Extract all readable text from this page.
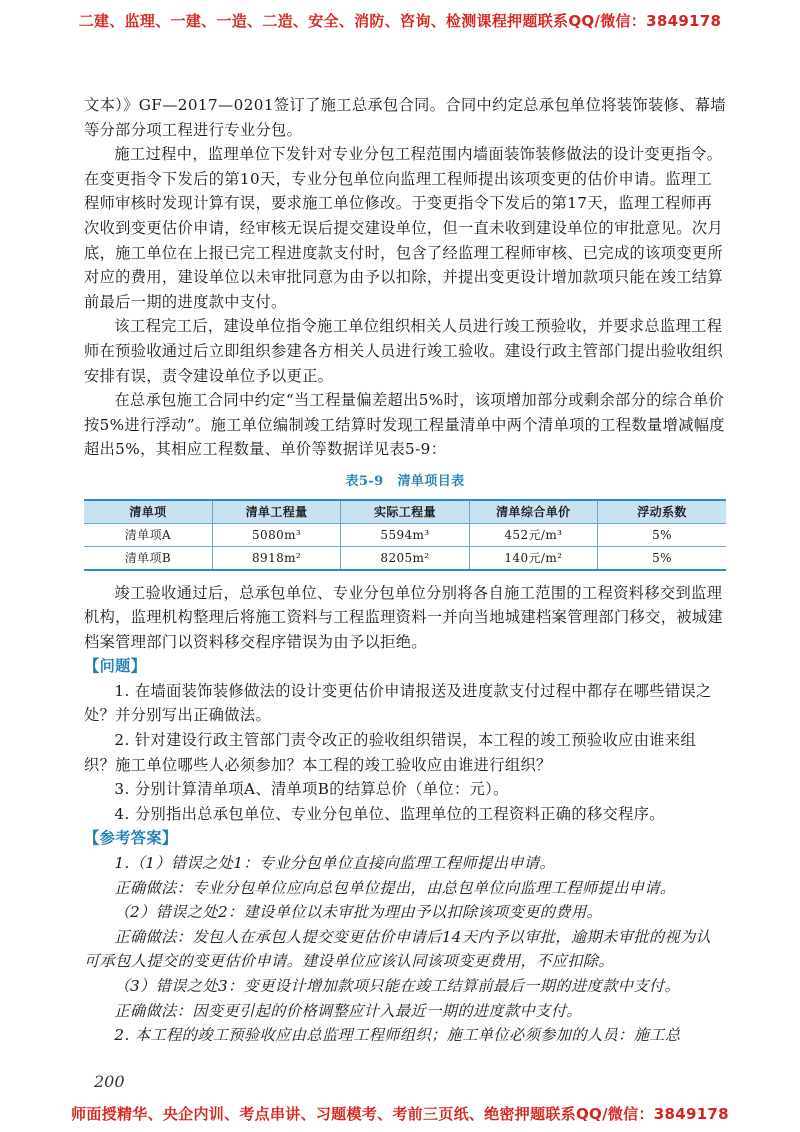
二建、监理、一建、一造、二造、安全、消防、咨询、检测课程押题联系QQ/微信：3849178

文本）》GF—2017—0201签订了施工总承包合同。合同中约定总承包单位将装饰装修、幕墙等分部分项工程进行专业分包。

施工过程中，监理单位下发针对专业分包工程范围内墙面装饰装修做法的设计变更指令。在变更指令下发后的第10天，专业分包单位向监理工程师提出该项变更的估价申请。监理工程师审核时发现计算有误，要求施工单位修改。于变更指令下发后的第17天，监理工程师再次收到变更估价申请，经审核无误后提交建设单位，但一直未收到建设单位的审批意见。次月底，施工单位在上报已完工程进度款支付时，包含了经监理工程师审核、已完成的该项变更所对应的费用，建设单位以未审批同意为由予以扣除，并提出变更设计增加款项只能在竣工结算前最后一期的进度款中支付。

该工程完工后，建设单位指令施工单位组织相关人员进行竣工预验收，并要求总监理工程师在预验收通过后立即组织参建各方相关人员进行竣工验收。建设行政主管部门提出验收组织安排有误，责令建设单位予以更正。

在总承包施工合同中约定“当工程量偏差超出5%时，该项增加部分或剩余部分的综合单价按5%进行浮动”。施工单位编制竣工结算时发现工程量清单中两个清单项的工程数量增减幅度超出5%，其相应工程数量、单价等数据详见表5-9：

表5-9 清单项目表
清单项	清单工程量	实际工程量	清单综合单价	浮动系数
清单项A	5080m³	5594m³	452元/m³	5%
清单项B	8918m²	8205m²	140元/m²	5%

竣工验收通过后，总承包单位、专业分包单位分别将各自施工范围的工程资料移交到监理机构，监理机构整理后将施工资料与工程监理资料一并向当地城建档案管理部门移交，被城建档案管理部门以资料移交程序错误为由予以拒绝。

【问题】

1. 在墙面装饰装修做法的设计变更估价申请报送及进度款支付过程中都存在哪些错误之处？并分别写出正确做法。

2. 针对建设行政主管部门责令改正的验收组织错误，本工程的竣工预验收应由谁来组织？施工单位哪些人必须参加？本工程的竣工验收应由谁进行组织？

3. 分别计算清单项A、清单项B的结算总价（单位：元）。

4. 分别指出总承包单位、专业分包单位、监理单位的工程资料正确的移交程序。

【参考答案】

1.（1）错误之处1：专业分包单位直接向监理工程师提出申请。

正确做法：专业分包单位应向总包单位提出，由总包单位向监理工程师提出申请。

（2）错误之处2：建设单位以未审批为理由予以扣除该项变更的费用。

正确做法：发包人在承包人提交变更估价申请后14天内予以审批，逾期未审批的视为认可承包人提交的变更估价申请。建设单位应该认同该项变更费用，不应扣除。

（3）错误之处3：变更设计增加款项只能在竣工结算前最后一期的进度款中支付。

正确做法：因变更引起的价格调整应计入最近一期的进度款中支付。

2. 本工程的竣工预验收应由总监理工程师组织；施工单位必须参加的人员：施工总

200
师面授精华、央企内训、考点串讲、习题模考、考前三页纸、绝密押题联系QQ/微信：3849178
